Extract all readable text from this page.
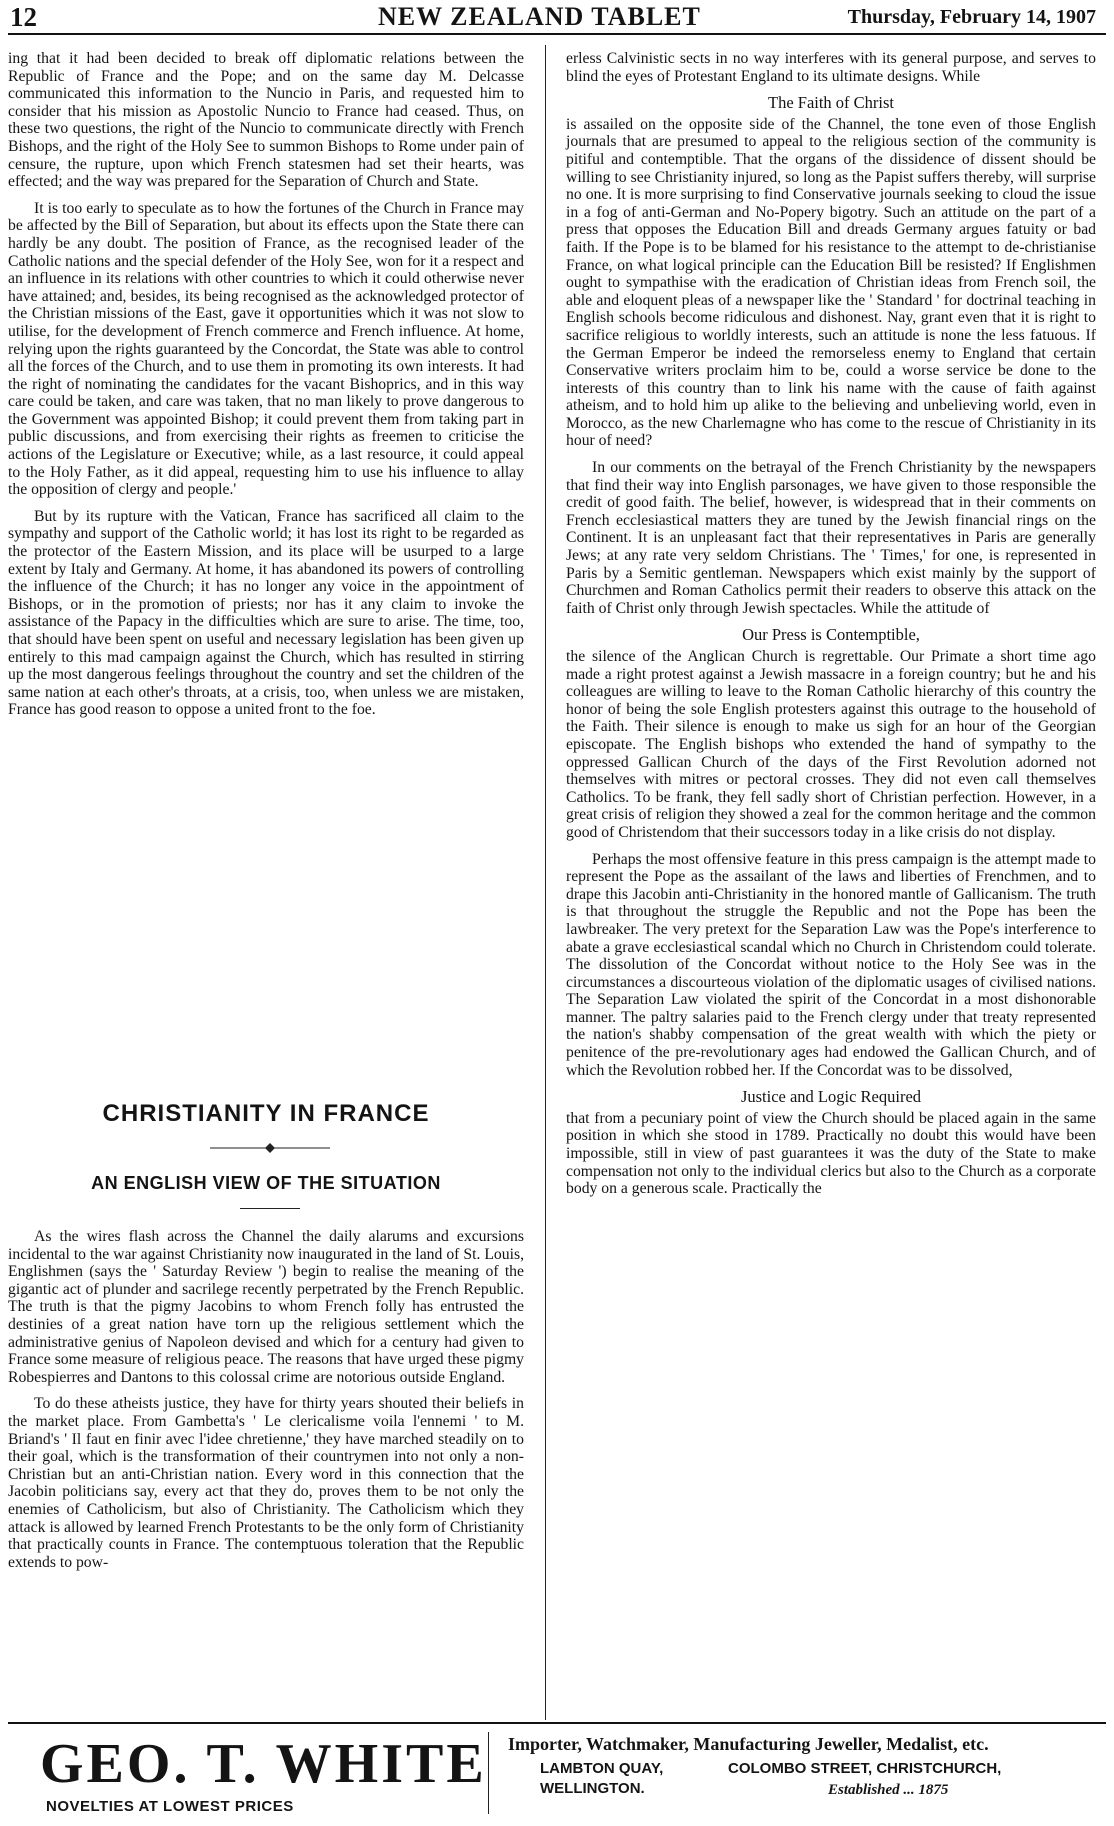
12	NEW ZEALAND TABLET	Thursday, February 14, 1907

ing that it had been decided to break off diplomatic relations between the Republic of France and the Pope; and on the same day M. Delcasse communicated this information to the Nuncio in Paris, and requested him to consider that his mission as Apostolic Nuncio to France had ceased. Thus, on these two questions, the right of the Nuncio to communicate directly with French Bishops, and the right of the Holy See to summon Bishops to Rome under pain of censure, the rupture, upon which French statesmen had set their hearts, was effected; and the way was prepared for the Separation of Church and State.

It is too early to speculate as to how the fortunes of the Church in France may be affected by the Bill of Separation, but about its effects upon the State there can hardly be any doubt. The position of France, as the recognised leader of the Catholic nations and the special defender of the Holy See, won for it a respect and an influence in its relations with other countries to which it could otherwise never have attained; and, besides, its being recognised as the acknowledged protector of the Christian missions of the East, gave it opportunities which it was not slow to utilise, for the development of French commerce and French influence. At home, relying upon the rights guaranteed by the Concordat, the State was able to control all the forces of the Church, and to use them in promoting its own interests. It had the right of nominating the candidates for the vacant Bishoprics, and in this way care could be taken, and care was taken, that no man likely to prove dangerous to the Government was appointed Bishop; it could prevent them from taking part in public discussions, and from exercising their rights as freemen to criticise the actions of the Legislature or Executive; while, as a last resource, it could appeal to the Holy Father, as it did appeal, requesting him to use his influence to allay the opposition of clergy and people.'

But by its rupture with the Vatican, France has sacrificed all claim to the sympathy and support of the Catholic world; it has lost its right to be regarded as the protector of the Eastern Mission, and its place will be usurped to a large extent by Italy and Germany. At home, it has abandoned its powers of controlling the influence of the Church; it has no longer any voice in the appointment of Bishops, or in the promotion of priests; nor has it any claim to invoke the assistance of the Papacy in the difficulties which are sure to arise. The time, too, that should have been spent on useful and necessary legislation has been given up entirely to this mad campaign against the Church, which has resulted in stirring up the most dangerous feelings throughout the country and set the children of the same nation at each other's throats, at a crisis, too, when unless we are mistaken, France has good reason to oppose a united front to the foe.

CHRISTIANITY IN FRANCE
AN ENGLISH VIEW OF THE SITUATION

As the wires flash across the Channel the daily alarums and excursions incidental to the war against Christianity now inaugurated in the land of St. Louis, Englishmen (says the ' Saturday Review ') begin to realise the meaning of the gigantic act of plunder and sacrilege recently perpetrated by the French Republic. The truth is that the pigmy Jacobins to whom French folly has entrusted the destinies of a great nation have torn up the religious settlement which the administrative genius of Napoleon devised and which for a century had given to France some measure of religious peace. The reasons that have urged these pigmy Robespierres and Dantons to this colossal crime are notorious outside England.

To do these atheists justice, they have for thirty years shouted their beliefs in the market place. From Gambetta's ' Le clericalisme voila l'ennemi ' to M. Briand's ' Il faut en finir avec l'idee chretienne,' they have marched steadily on to their goal, which is the transformation of their countrymen into not only a non-Christian but an anti-Christian nation. Every word in this connection that the Jacobin politicians say, every act that they do, proves them to be not only the enemies of Catholicism, but also of Christianity. The Catholicism which they attack is allowed by learned French Protestants to be the only form of Christianity that practically counts in France. The contemptuous toleration that the Republic extends to pow-

erless Calvinistic sects in no way interferes with its general purpose, and serves to blind the eyes of Protestant England to its ultimate designs. While

The Faith of Christ

is assailed on the opposite side of the Channel, the tone even of those English journals that are presumed to appeal to the religious section of the community is pitiful and contemptible. That the organs of the dissidence of dissent should be willing to see Christianity injured, so long as the Papist suffers thereby, will surprise no one. It is more surprising to find Conservative journals seeking to cloud the issue in a fog of anti-German and No-Popery bigotry. Such an attitude on the part of a press that opposes the Education Bill and dreads Germany argues fatuity or bad faith. If the Pope is to be blamed for his resistance to the attempt to de-christianise France, on what logical principle can the Education Bill be resisted? If Englishmen ought to sympathise with the eradication of Christian ideas from French soil, the able and eloquent pleas of a newspaper like the ' Standard ' for doctrinal teaching in English schools become ridiculous and dishonest. Nay, grant even that it is right to sacrifice religious to worldly interests, such an attitude is none the less fatuous. If the German Emperor be indeed the remorseless enemy to England that certain Conservative writers proclaim him to be, could a worse service be done to the interests of this country than to link his name with the cause of faith against atheism, and to hold him up alike to the believing and unbelieving world, even in Morocco, as the new Charlemagne who has come to the rescue of Christianity in its hour of need?

In our comments on the betrayal of the French Christianity by the newspapers that find their way into English parsonages, we have given to those responsible the credit of good faith. The belief, however, is widespread that in their comments on French ecclesiastical matters they are tuned by the Jewish financial rings on the Continent. It is an unpleasant fact that their representatives in Paris are generally Jews; at any rate very seldom Christians. The ' Times,' for one, is represented in Paris by a Semitic gentleman. Newspapers which exist mainly by the support of Churchmen and Roman Catholics permit their readers to observe this attack on the faith of Christ only through Jewish spectacles. While the attitude of

Our Press is Contemptible,

the silence of the Anglican Church is regrettable. Our Primate a short time ago made a right protest against a Jewish massacre in a foreign country; but he and his colleagues are willing to leave to the Roman Catholic hierarchy of this country the honor of being the sole English protesters against this outrage to the household of the Faith. Their silence is enough to make us sigh for an hour of the Georgian episcopate. The English bishops who extended the hand of sympathy to the oppressed Gallican Church of the days of the First Revolution adorned not themselves with mitres or pectoral crosses. They did not even call themselves Catholics. To be frank, they fell sadly short of Christian perfection. However, in a great crisis of religion they showed a zeal for the common heritage and the common good of Christendom that their successors today in a like crisis do not display.

Perhaps the most offensive feature in this press campaign is the attempt made to represent the Pope as the assailant of the laws and liberties of Frenchmen, and to drape this Jacobin anti-Christianity in the honored mantle of Gallicanism. The truth is that throughout the struggle the Republic and not the Pope has been the lawbreaker. The very pretext for the Separation Law was the Pope's interference to abate a grave ecclesiastical scandal which no Church in Christendom could tolerate. The dissolution of the Concordat without notice to the Holy See was in the circumstances a discourteous violation of the diplomatic usages of civilised nations. The Separation Law violated the spirit of the Concordat in a most dishonorable manner. The paltry salaries paid to the French clergy under that treaty represented the nation's shabby compensation of the great wealth with which the piety or penitence of the pre-revolutionary ages had endowed the Gallican Church, and of which the Revolution robbed her. If the Concordat was to be dissolved,

Justice and Logic Required

that from a pecuniary point of view the Church should be placed again in the same position in which she stood in 1789. Practically no doubt this would have been impossible, still in view of past guarantees it was the duty of the State to make compensation not only to the individual clerics but also to the Church as a corporate body on a generous scale. Practically the

GEO. T. WHITE
NOVELTIES AT LOWEST PRICES
Importer, Watchmaker, Manufacturing Jeweller, Medalist, etc.
LAMBTON QUAY,
WELLINGTON.
COLOMBO STREET, CHRISTCHURCH,
Established ... 1875
